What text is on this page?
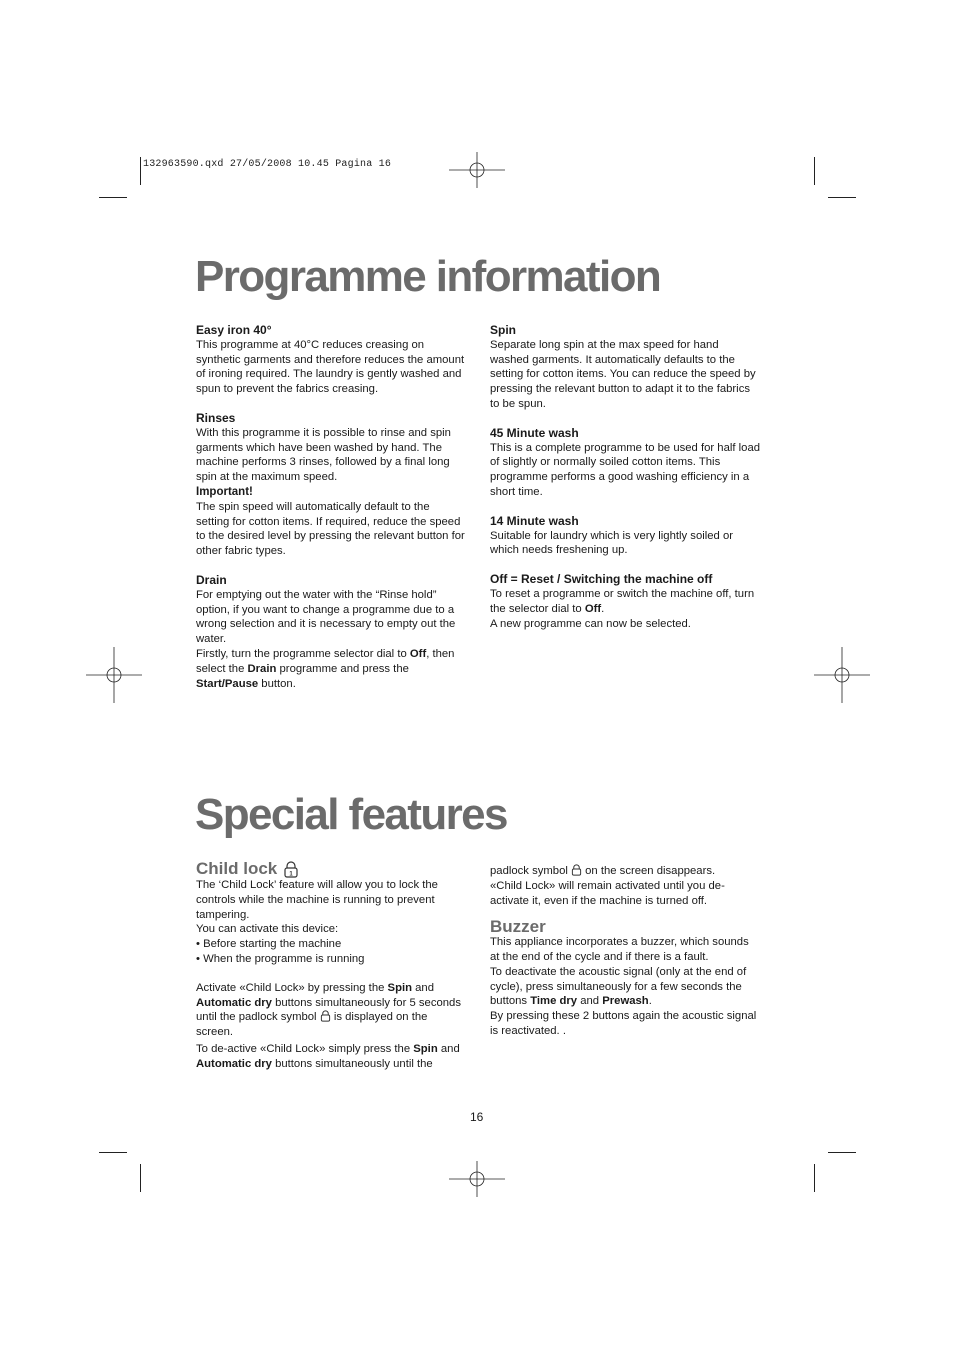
132963590.qxd 27/05/2008 10.45 Pagina 16
Programme information

Easy iron 40°

This programme at 40°C reduces creasing on synthetic garments and therefore reduces the amount of ironing required. The laundry is gently washed and spun to prevent the fabrics creasing.

Rinses

With this programme it is possible to rinse and spin garments which have been washed by hand. The machine performs 3 rinses, followed by a final long spin at the maximum speed.

Important!

The spin speed will automatically default to the setting for cotton items. If required, reduce the speed to the desired level by pressing the relevant button for other fabric types.

Drain

For emptying out the water with the “Rinse hold” option, if you want to change a programme due to a wrong selection and it is necessary to empty out the water.

Firstly, turn the programme selector dial to Off, then select the Drain programme and press the Start/Pause button.

Spin

Separate long spin at the max speed for hand washed garments. It automatically defaults to the setting for cotton items. You can reduce the speed by pressing the relevant button to adapt it to the fabrics to be spun.

45 Minute wash

This is a complete programme to be used for half load of slightly or normally soiled cotton items. This programme performs a good washing efficiency in a short time.

14 Minute wash

Suitable for laundry which is very lightly soiled or which needs freshening up.

Off = Reset / Switching the machine off

To reset a programme or switch the machine off, turn the selector dial to Off.

A new programme can now be selected.

Special features

Child lock 1

The ‘Child Lock’ feature will allow you to lock the controls while the machine is running to prevent tampering.

You can activate this device:

• Before starting the machine

• When the programme is running

Activate «Child Lock» by pressing the Spin and Automatic dry buttons simultaneously for 5 seconds until the padlock symbol  is displayed on the screen.

To de-active «Child Lock» simply press the Spin and Automatic dry buttons simultaneously until the

padlock symbol  on the screen disappears.

«Child Lock» will remain activated until you de-activate it, even if the machine is turned off.

Buzzer

This appliance incorporates a buzzer, which sounds at the end of the cycle and if there is a fault.

To deactivate the acoustic signal (only at the end of cycle), press simultaneously for a few seconds the buttons Time dry and Prewash.

By pressing these 2 buttons again the acoustic signal is reactivated. .

16
